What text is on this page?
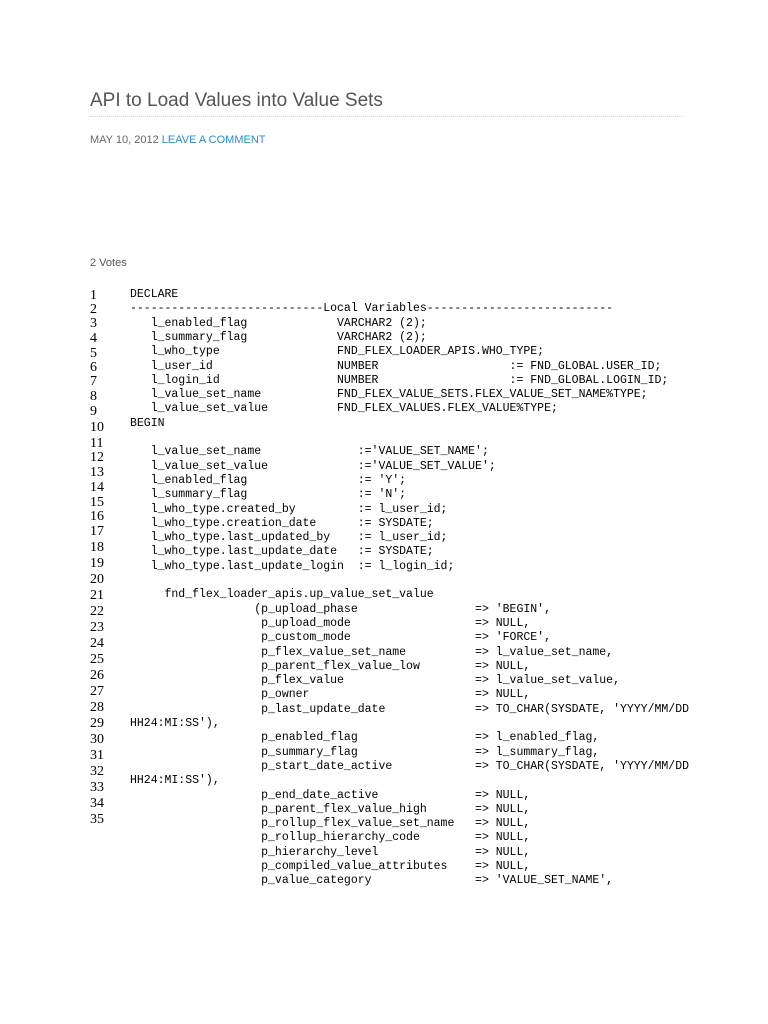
API to Load Values into Value Sets
MAY 10, 2012 LEAVE A COMMENT
2 Votes
1
2
3
4
5
6
7
8
9
10
11
12
13
14
15
16
17
18
19
20
21
22
23
24
25
26
27
28
29
30
31
32
33
34
35
DECLARE
----------------------------Local Variables---------------------------
l_enabled_flag             VARCHAR2 (2);
l_summary_flag             VARCHAR2 (2);
l_who_type                 FND_FLEX_LOADER_APIS.WHO_TYPE;
l_user_id                  NUMBER                   := FND_GLOBAL.USER_ID;
l_login_id                 NUMBER                   := FND_GLOBAL.LOGIN_ID;
l_value_set_name           FND_FLEX_VALUE_SETS.FLEX_VALUE_SET_NAME%TYPE;
l_value_set_value          FND_FLEX_VALUES.FLEX_VALUE%TYPE;
BEGIN
l_value_set_name              :='VALUE_SET_NAME';
l_value_set_value             :='VALUE_SET_VALUE';
l_enabled_flag                := 'Y';
l_summary_flag                := 'N';
l_who_type.created_by         := l_user_id;
l_who_type.creation_date      := SYSDATE;
l_who_type.last_updated_by    := l_user_id;
l_who_type.last_update_date   := SYSDATE;
l_who_type.last_update_login  := l_login_id;
fnd_flex_loader_apis.up_value_set_value
(p_upload_phase                 => 'BEGIN',
p_upload_mode                  => NULL,
p_custom_mode                  => 'FORCE',
p_flex_value_set_name          => l_value_set_name,
p_parent_flex_value_low        => NULL,
p_flex_value                   => l_value_set_value,
p_owner                        => NULL,
p_last_update_date             => TO_CHAR(SYSDATE, 'YYYY/MM/DD
HH24:MI:SS'),
p_enabled_flag                 => l_enabled_flag,
p_summary_flag                 => l_summary_flag,
p_start_date_active            => TO_CHAR(SYSDATE, 'YYYY/MM/DD
HH24:MI:SS'),
p_end_date_active              => NULL,
p_parent_flex_value_high       => NULL,
p_rollup_flex_value_set_name   => NULL,
p_rollup_hierarchy_code        => NULL,
p_hierarchy_level              => NULL,
p_compiled_value_attributes    => NULL,
p_value_category               => 'VALUE_SET_NAME',
